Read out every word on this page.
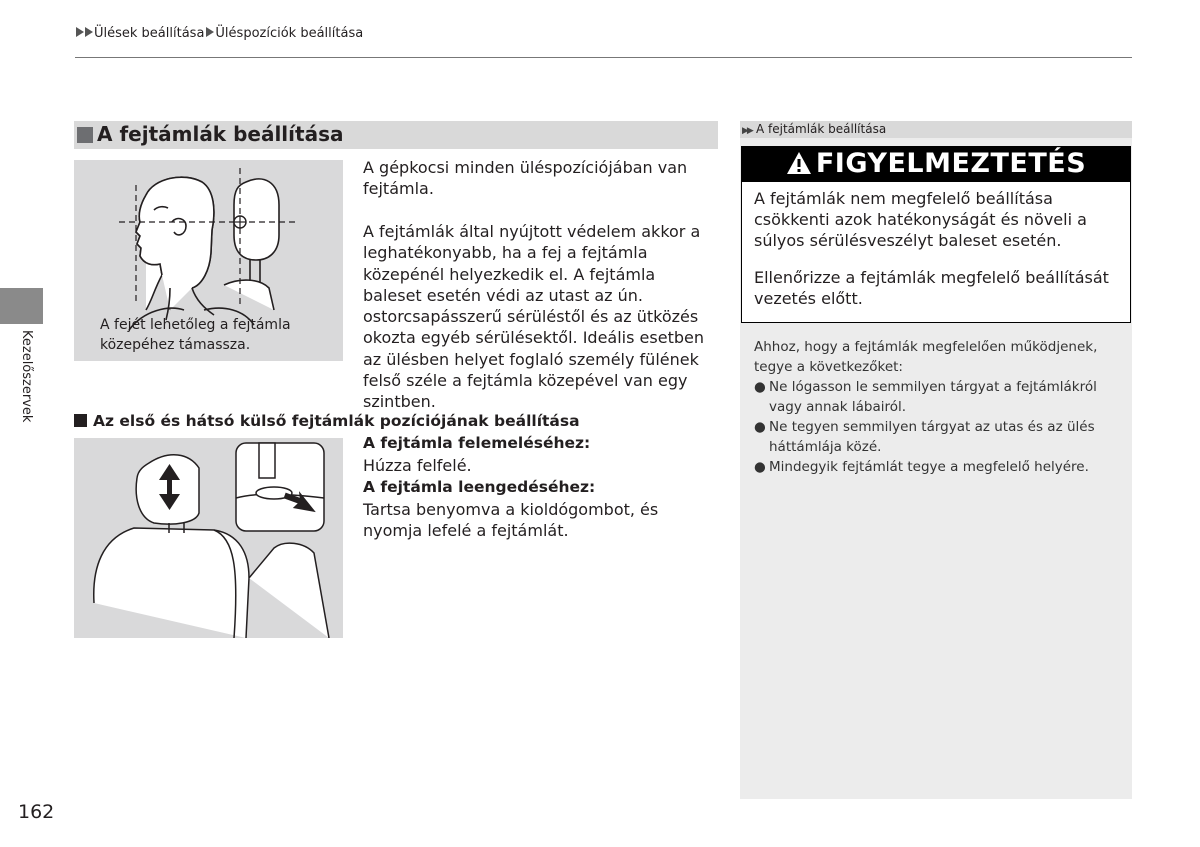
Ülések beállítása Üléspozíciók beállítása
Kezelőszervek
162
A fejtámlák beállítása
A fejét lehetőleg a fejtámla
közepéhez támassza.
A gépkocsi minden üléspozíciójában van fejtámla.
A fejtámlák által nyújtott védelem akkor a leghatékonyabb, ha a fej a fejtámla közepénél helyezkedik el. A fejtámla baleset esetén védi az utast az ún. ostorcsapásszerű sérüléstől és az ütközés okozta egyéb sérülésektől. Ideális esetben az ülésben helyet foglaló személy fülének felső széle a fejtámla közepével van egy szintben.
Az első és hátsó külső fejtámlák pozíciójának beállítása
A fejtámla felemeléséhez:
Húzza felfelé.
A fejtámla leengedéséhez:
Tartsa benyomva a kioldógombot, és nyomja lefelé a fejtámlát.
▶▶ A fejtámlák beállítása
FIGYELMEZTETÉS
A fejtámlák nem megfelelő beállítása csökkenti azok hatékonyságát és növeli a súlyos sérülésveszélyt baleset esetén.
Ellenőrizze a fejtámlák megfelelő beállítását vezetés előtt.
Ahhoz, hogy a fejtámlák megfelelően működjenek, tegye a következőket:
● Ne lógasson le semmilyen tárgyat a fejtámlákról vagy annak lábairól.
● Ne tegyen semmilyen tárgyat az utas és az ülés háttámlája közé.
● Mindegyik fejtámlát tegye a megfelelő helyére.
